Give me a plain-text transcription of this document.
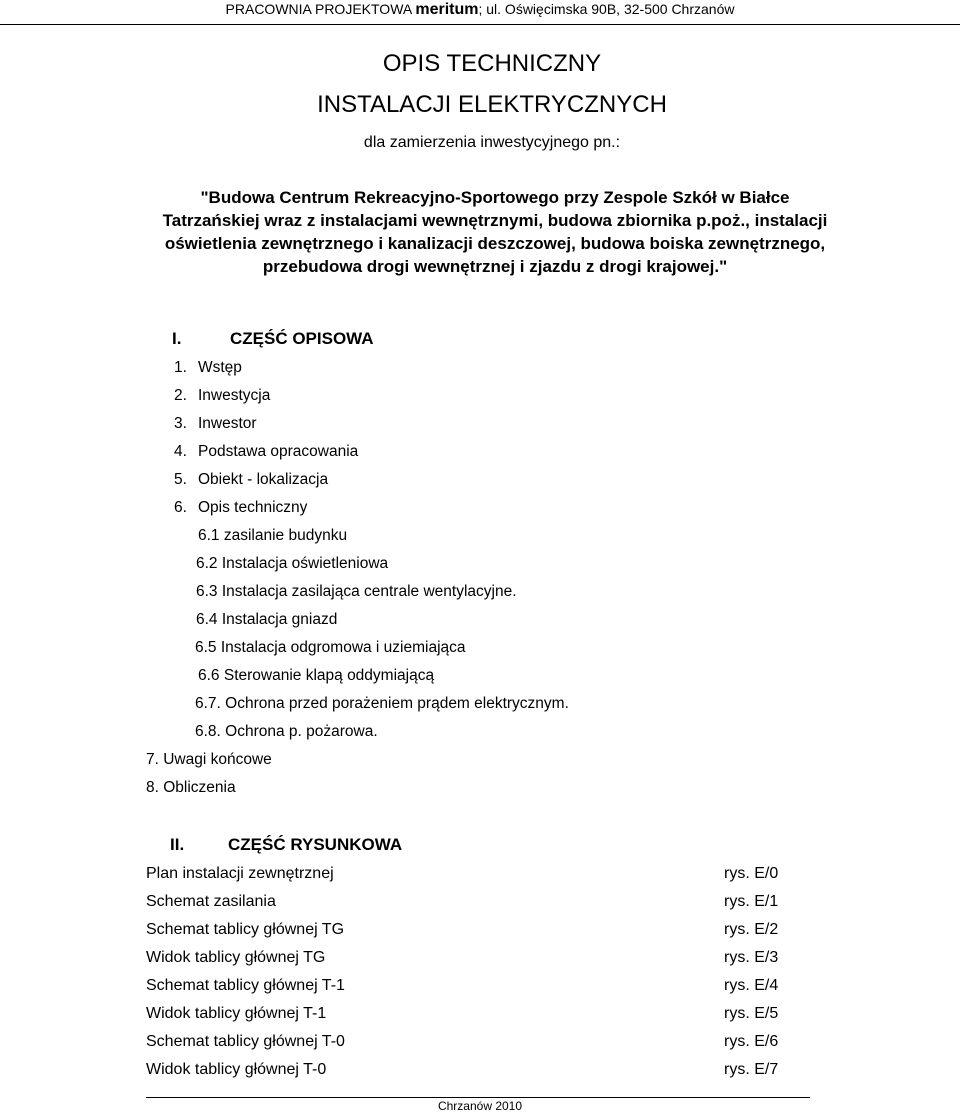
PRACOWNIA PROJEKTOWA meritum; ul. Oświęcimska 90B, 32-500 Chrzanów
OPIS TECHNICZNY
INSTALACJI ELEKTRYCZNYCH
dla zamierzenia inwestycyjnego pn.:
"Budowa Centrum Rekreacyjno-Sportowego przy Zespole Szkół w Białce Tatrzańskiej wraz z instalacjami wewnętrznymi, budowa zbiornika p.poż., instalacji oświetlenia zewnętrznego i kanalizacji deszczowej, budowa boiska zewnętrznego, przebudowa drogi wewnętrznej i zjazdu z drogi krajowej."
I.	CZĘŚĆ OPISOWA
1. Wstęp
2. Inwestycja
3. Inwestor
4. Podstawa opracowania
5. Obiekt - lokalizacja
6. Opis techniczny
6.1 zasilanie budynku
6.2 Instalacja oświetleniowa
6.3 Instalacja zasilająca centrale wentylacyjne.
6.4 Instalacja gniazd
6.5 Instalacja odgromowa i uziemiająca
6.6 Sterowanie klapą oddymiającą
6.7. Ochrona przed porażeniem prądem elektrycznym.
6.8. Ochrona p. pożarowa.
7. Uwagi końcowe
8. Obliczenia
II.	CZĘŚĆ RYSUNKOWA
Plan instalacji zewnętrznej	rys. E/0
Schemat zasilania	rys. E/1
Schemat tablicy głównej TG	rys. E/2
Widok tablicy głównej TG	rys. E/3
Schemat tablicy głównej T-1	rys. E/4
Widok tablicy głównej T-1	rys. E/5
Schemat tablicy głównej T-0	rys. E/6
Widok tablicy głównej T-0	rys. E/7
Chrzanów 2010
